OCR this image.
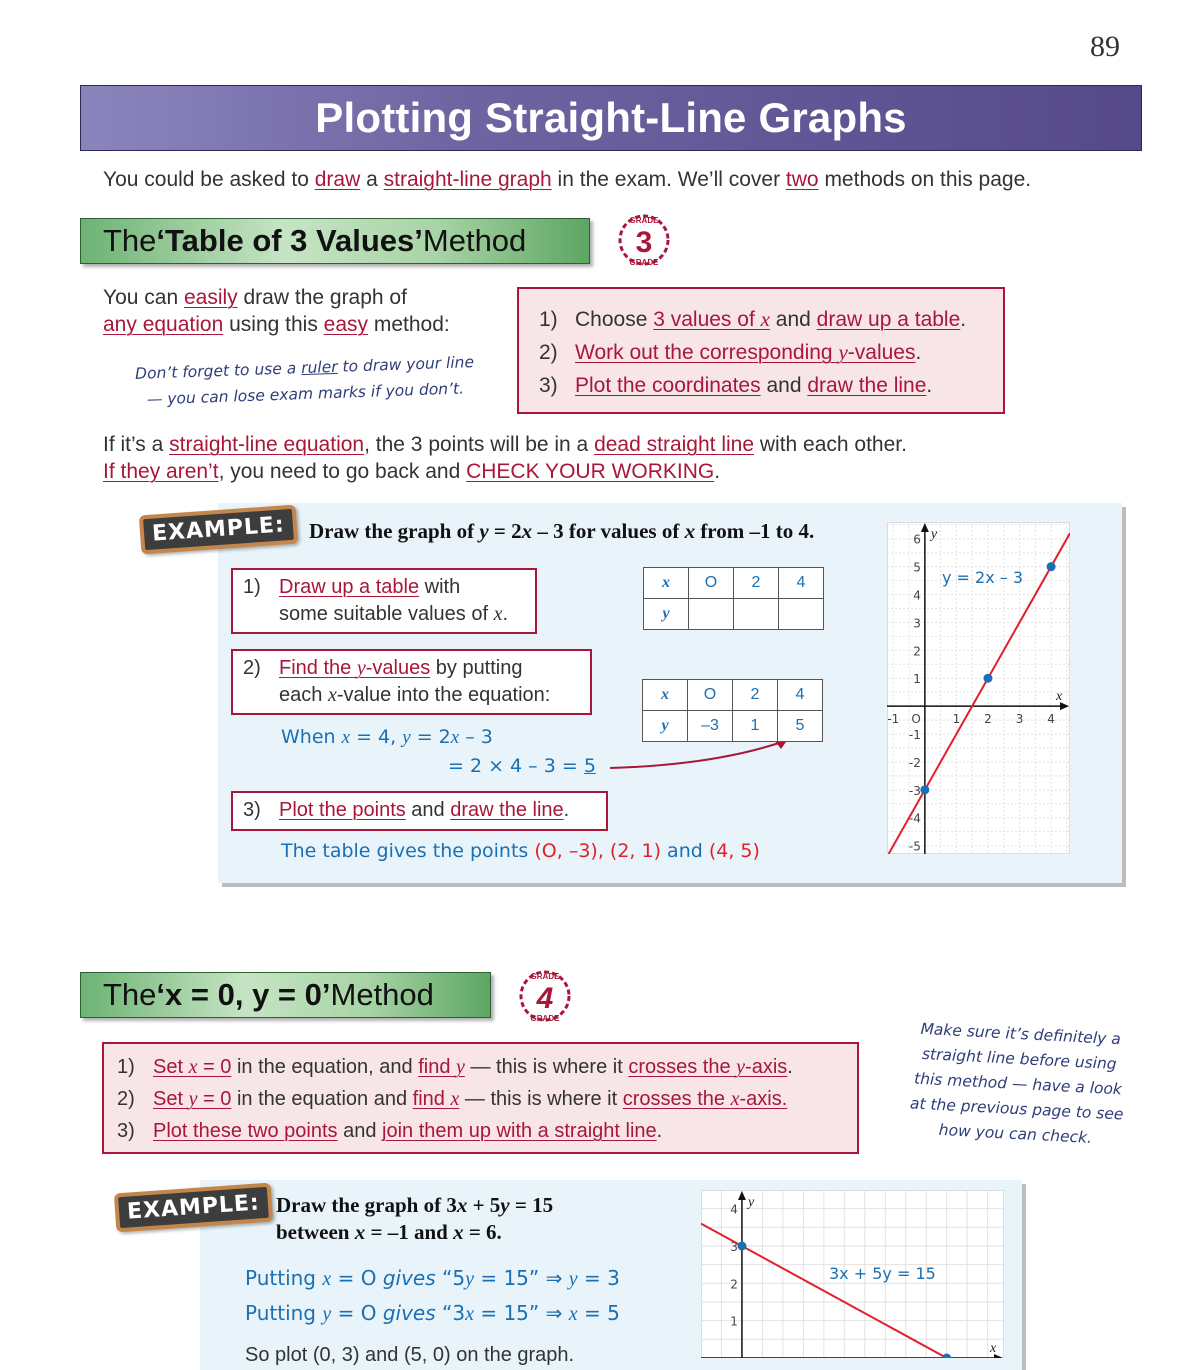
89
Plotting Straight-Line Graphs
You could be asked to draw a straight-line graph in the exam. We’ll cover two methods on this page.
The ‘Table of 3 Values’ Method	3
GRADE
GRADE
You can easily draw the graph of
any equation using this easy method:
Don’t forget to use a ruler to draw your line
— you can lose exam marks if you don’t.
1) Choose 3 values of x and draw up a table.
2) Work out the corresponding y-values.
3) Plot the coordinates and draw the line.
If it’s a straight-line equation, the 3 points will be in a dead straight line with each other.
If they aren’t, you need to go back and CHECK YOUR WORKING.
EXAMPLE:	Draw the graph of y = 2x – 3 for values of x from –1 to 4.
1) Draw up a table with
some suitable values of x.
2) Find the y-values by putting
each x-value into the equation:
When x = 4, y = 2x – 3
= 2 × 4 – 3 = 5
3) Plot the points and draw the line.
The table gives the points (O, –3), (2, 1) and (4, 5)
x	O	2	4
y			
x	O	2	4
y	–3	1	5
y
x
6
5
4
3
2
1
-1
-2
-3
-4
-5
-1	1 2 3 4
O
y = 2x – 3
The ‘x = 0, y = 0’ Method	4
GRADE
GRADE
1) Set x = 0 in the equation, and find y — this is where it crosses the y-axis.
2) Set y = 0 in the equation and find x — this is where it crosses the x-axis.
3) Plot these two points and join them up with a straight line.
Make sure it’s definitely a
straight line before using
this method — have a look
at the previous page to see
how you can check.
EXAMPLE: Draw the graph of 3x + 5y = 15
between x = –1 and x = 6.
Putting x = O gives “5y = 15” ⇒ y = 3
Putting y = O gives “3x = 15” ⇒ x = 5
So plot (0, 3) and (5, 0) on the graph.
y
x
4
3
2
1
3x + 5y = 15
